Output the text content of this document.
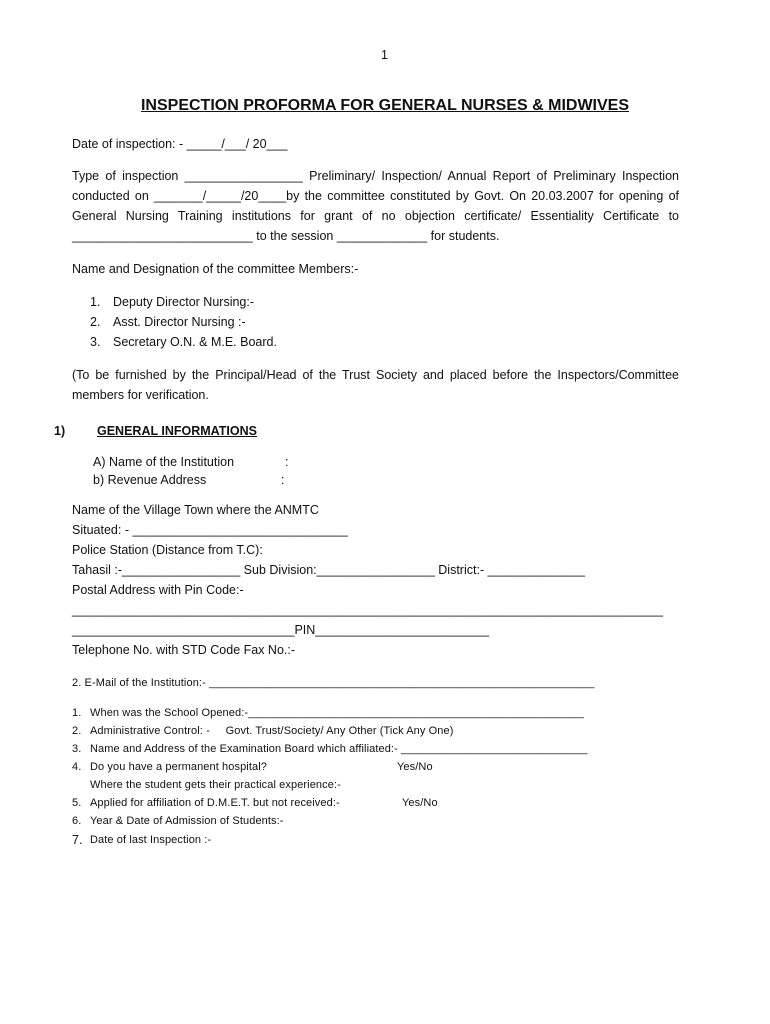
1
INSPECTION PROFORMA FOR GENERAL NURSES & MIDWIVES
Date of inspection: - _____/___/ 20___
Type of inspection _________________ Preliminary/ Inspection/ Annual Report of Preliminary Inspection
conducted on _______/_____/20____by the committee constituted by Govt. On 20.03.2007 for opening of
General Nursing Training institutions for grant of no objection certificate/ Essentiality Certificate to
__________________________ to the session _____________ for students.
Name and Designation of the committee Members:-
1. Deputy Director Nursing:-
2. Asst. Director Nursing :-
3. Secretary O.N. & M.E. Board.
(To be furnished by the Principal/Head of the Trust Society and placed before the Inspectors/Committee
members for verification.
1)	GENERAL INFORMATIONS
A) Name of the Institution	:
b) Revenue Address	:
Name of the Village Town where the ANMTC
Situated: - _______________________________
Police Station (Distance from T.C):
Tahasil :-_________________ Sub Division:_________________ District:- ______________
Postal Address with Pin Code:-
_____________________________________________________________________________________
________________________________PIN_________________________
Telephone No. with STD Code Fax No.:-
2. E-Mail of the Institution:- ______________________________________________________________
1. When was the School Opened:-______________________________________________________
2. Administrative Control: -     Govt. Trust/Society/ Any Other (Tick Any One)
3. Name and Address of the Examination Board which affiliated:- ______________________________
4. Do you have a permanent hospital?	Yes/No
Where the student gets their practical experience:-
5. Applied for affiliation of D.M.E.T. but not received:-	Yes/No
6. Year & Date of Admission of Students:-
7. Date of last Inspection :-
